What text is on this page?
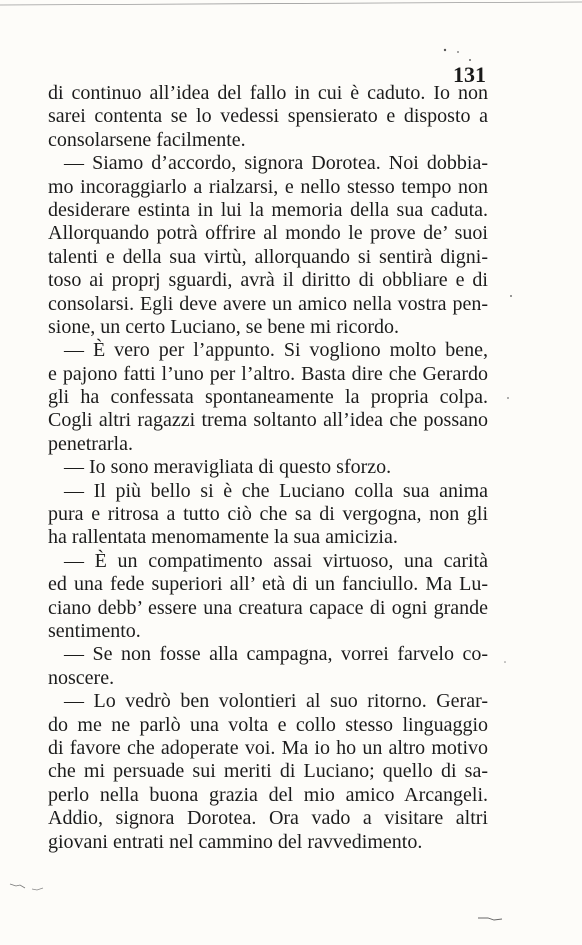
131
di continuo all’idea del fallo in cui è caduto. Io non
sarei contenta se lo vedessi spensierato e disposto a
consolarsene facilmente.
— Siamo d’accordo, signora Dorotea. Noi dobbia-
mo incoraggiarlo a rialzarsi, e nello stesso tempo non
desiderare estinta in lui la memoria della sua caduta.
Allorquando potrà offrire al mondo le prove de’ suoi
talenti e della sua virtù, allorquando si sentirà digni-
toso ai proprj sguardi, avrà il diritto di obbliare e di
consolarsi. Egli deve avere un amico nella vostra pen-
sione, un certo Luciano, se bene mi ricordo.
— È vero per l’appunto. Si vogliono molto bene,
e pajono fatti l’uno per l’altro. Basta dire che Gerardo
gli ha confessata spontaneamente la propria colpa.
Cogli altri ragazzi trema soltanto all’idea che possano
penetrarla.
— Io sono meravigliata di questo sforzo.
— Il più bello si è che Luciano colla sua anima
pura e ritrosa a tutto ciò che sa di vergogna, non gli
ha rallentata menomamente la sua amicizia.
— È un compatimento assai virtuoso, una carità
ed una fede superiori all’ età di un fanciullo. Ma Lu-
ciano debb’ essere una creatura capace di ogni grande
sentimento.
— Se non fosse alla campagna, vorrei farvelo co-
noscere.
— Lo vedrò ben volontieri al suo ritorno. Gerar-
do me ne parlò una volta e collo stesso linguaggio
di favore che adoperate voi. Ma io ho un altro motivo
che mi persuade sui meriti di Luciano; quello di sa-
perlo nella buona grazia del mio amico Arcangeli.
Addio, signora Dorotea. Ora vado a visitare altri
giovani entrati nel cammino del ravvedimento.
